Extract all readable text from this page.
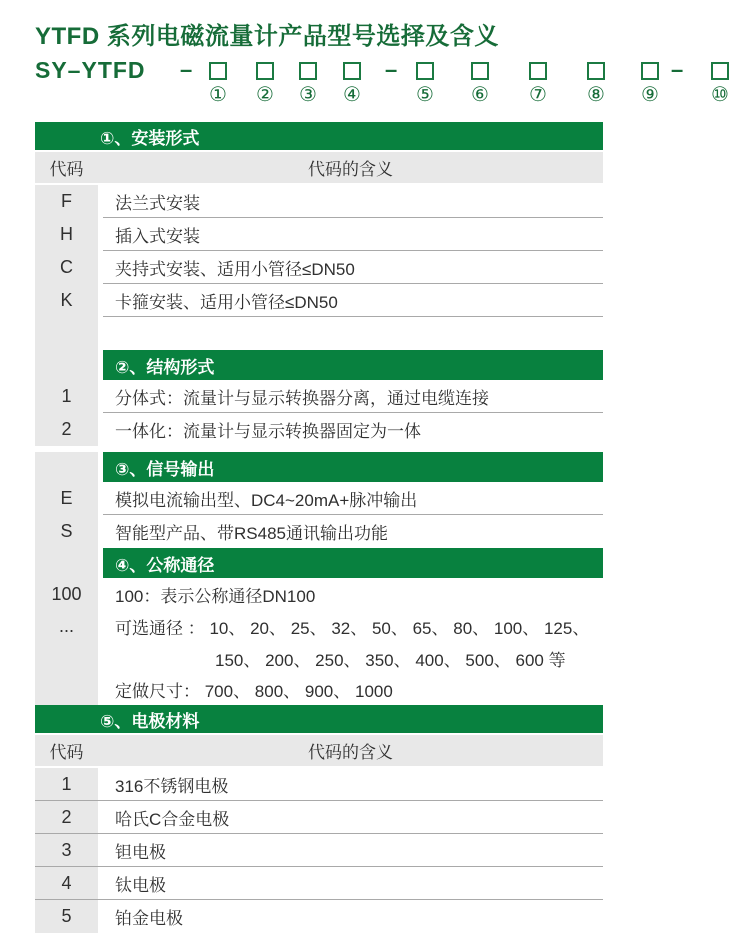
YTFD 系列电磁流量计产品型号选择及含义
SY–YTFD –	–	–
① ② ③ ④	⑤ ⑥ ⑦ ⑧ ⑨	⑩
①、安装形式
代码	代码的含义
F	法兰式安装
H	插入式安装
C	夹持式安装、适用小管径≤DN50
K	卡箍安装、适用小管径≤DN50
②、结构形式
1	分体式：流量计与显示转换器分离，通过电缆连接
2	一体化：流量计与显示转换器固定为一体
③、信号输出
E	模拟电流输出型、DC4~20mA+脉冲输出
S	智能型产品、带RS485通讯输出功能
④、公称通径
100	100：表示公称通径DN100
...	可选通径 ： 10、 20、 25、 32、 50、 65、 80、 100、 125、
150、 200、 250、 350、 400、 500、 600 等
定做尺寸： 700、 800、 900、 1000
⑤、电极材料
代码	代码的含义
1	316不锈钢电极
2	哈氏C合金电极
3	钽电极
4	钛电极
5	铂金电极
